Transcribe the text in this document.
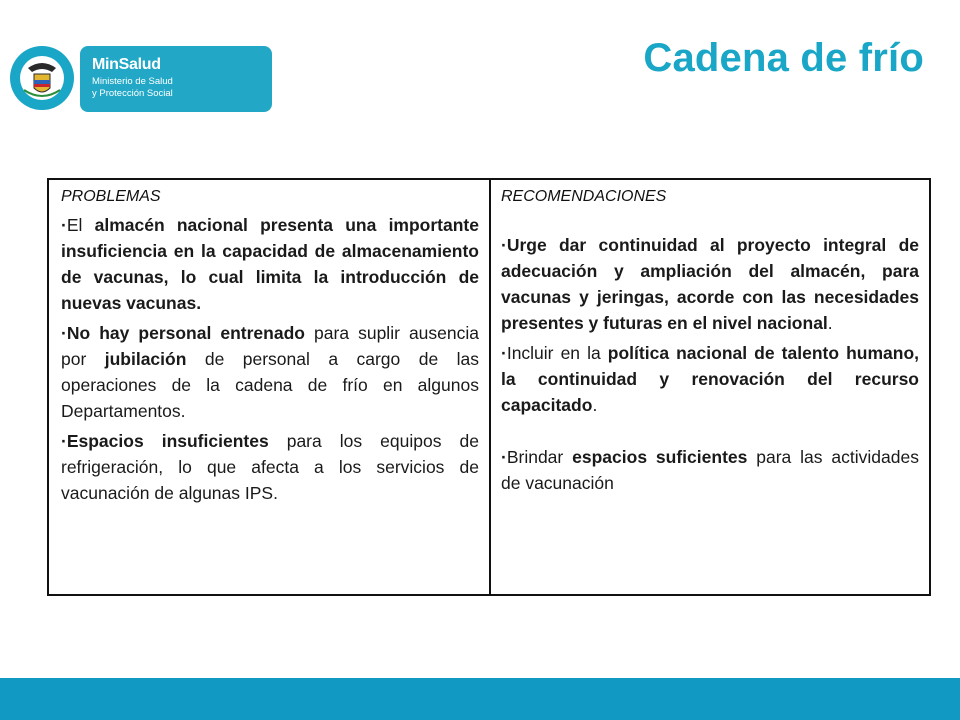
MinSalud
Ministerio de Salud
y Protección Social
Cadena de frío
PROBLEMAS
·El almacén nacional presenta una importante insuficiencia en la capacidad de almacenamiento de vacunas, lo cual limita la introducción de nuevas vacunas.
·No hay personal entrenado para suplir ausencia por jubilación de personal a cargo de las operaciones de la cadena de frío en algunos Departamentos.
·Espacios insuficientes para los equipos de refrigeración, lo que afecta a los servicios de vacunación de algunas IPS.
RECOMENDACIONES
·Urge dar continuidad al proyecto integral de adecuación y ampliación del almacén, para vacunas y jeringas, acorde con las necesidades presentes y futuras en el nivel nacional.
·Incluir en la política nacional de talento humano, la continuidad y renovación del recurso capacitado.
·Brindar espacios suficientes para las actividades de vacunación
